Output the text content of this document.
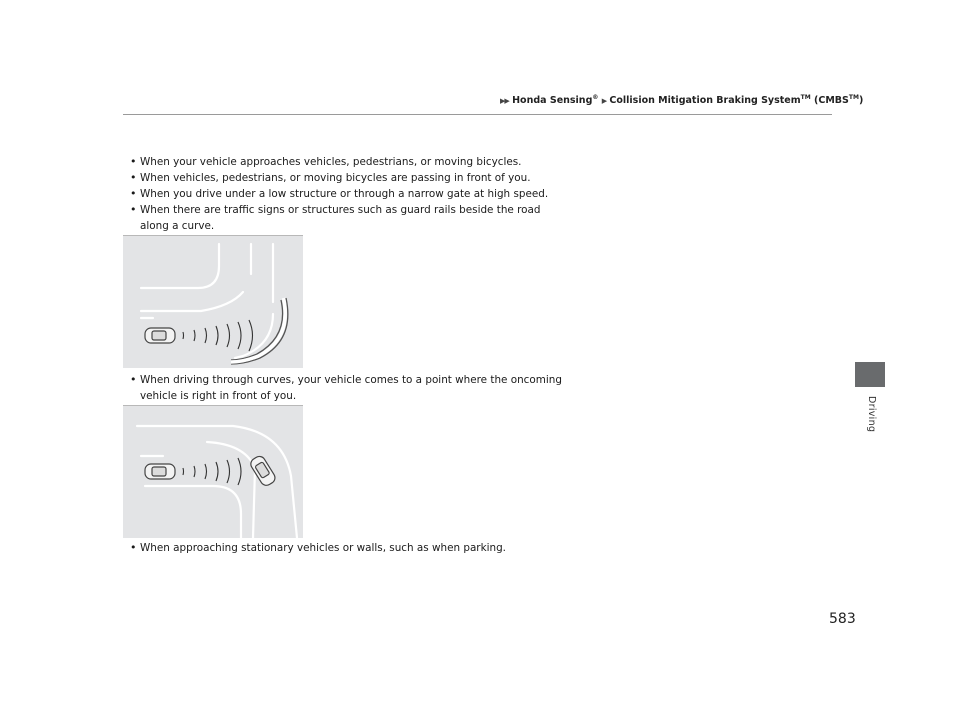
▶▶ Honda Sensing® ▶ Collision Mitigation Braking System™ (CMBS™)
• When your vehicle approaches vehicles, pedestrians, or moving bicycles.
• When vehicles, pedestrians, or moving bicycles are passing in front of you.
• When you drive under a low structure or through a narrow gate at high speed.
• When there are traffic signs or structures such as guard rails beside the road along a curve.
• When driving through curves, your vehicle comes to a point where the oncoming vehicle is right in front of you.
• When approaching stationary vehicles or walls, such as when parking.
Driving
583
